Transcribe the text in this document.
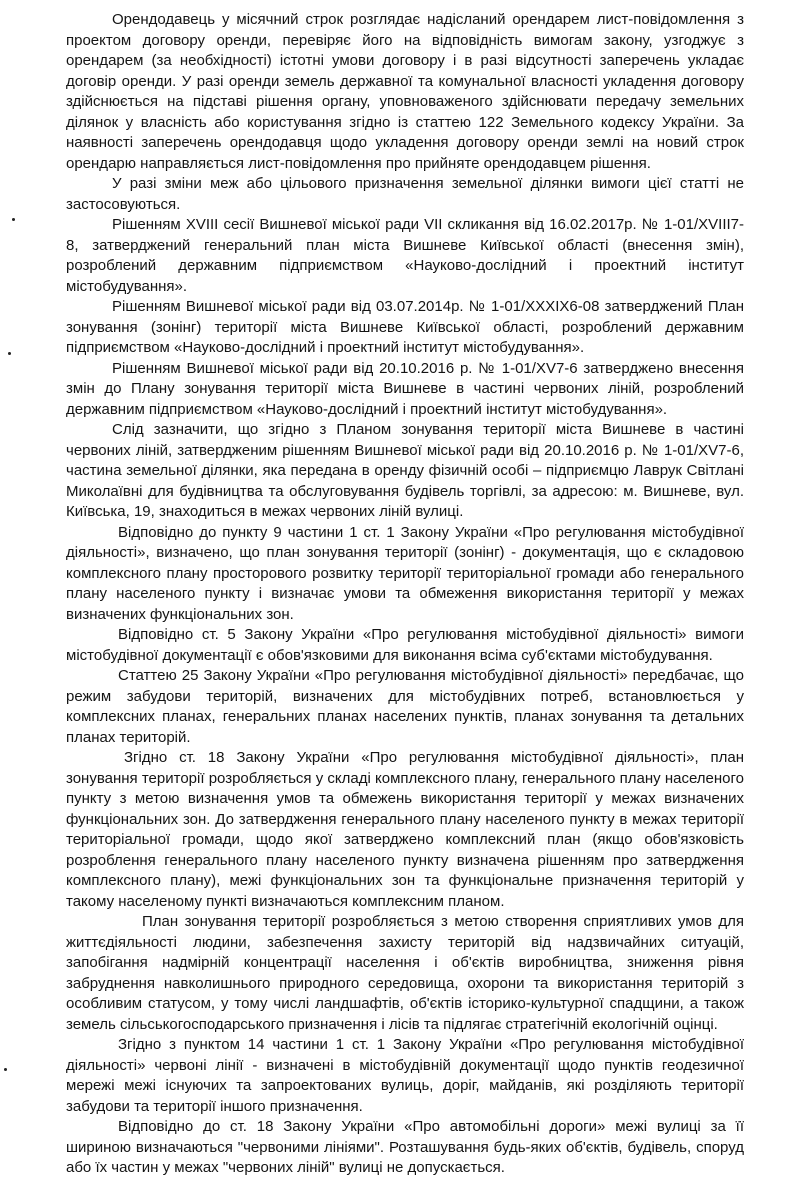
Орендодавець у місячний строк розглядає надісланий орендарем лист-повідомлення з проектом договору оренди, перевіряє його на відповідність вимогам закону, узгоджує з орендарем (за необхідності) істотні умови договору і в разі відсутності заперечень укладає договір оренди. У разі оренди земель державної та комунальної власності укладення договору здійснюється на підставі рішення органу, уповноваженого здійснювати передачу земельних ділянок у власність або користування згідно із статтею 122 Земельного кодексу України. За наявності заперечень орендодавця щодо укладення договору оренди землі на новий строк орендарю направляється лист-повідомлення про прийняте орендодавцем рішення.

У разі зміни меж або цільового призначення земельної ділянки вимоги цієї статті не застосовуються.

Рішенням XVIII сесії Вишневої міської ради VII скликання від 16.02.2017р. № 1-01/XVIII7-8, затверджений генеральний план міста Вишневе Київської області (внесення змін), розроблений державним підприємством «Науково-дослідний і проектний інститут містобудування».

Рішенням Вишневої міської ради від 03.07.2014р. № 1-01/XXXIX6-08 затверджений План зонування (зонінг) території міста Вишневе Київської області, розроблений державним підприємством «Науково-дослідний і проектний інститут містобудування».

Рішенням Вишневої міської ради від 20.10.2016 р. № 1-01/XV7-6 затверджено внесення змін до Плану зонування території міста Вишневе в частині червоних ліній, розроблений державним підприємством «Науково-дослідний і проектний інститут містобудування».

Слід зазначити, що згідно з Планом зонування території міста Вишневе в частині червоних ліній, затвердженим рішенням Вишневої міської ради від 20.10.2016 р. № 1-01/XV7-6, частина земельної ділянки, яка передана в оренду фізичній особі – підприємцю Лаврук Світлані Миколаївні для будівництва та обслуговування будівель торгівлі, за адресою: м. Вишневе, вул. Київська, 19, знаходиться в межах червоних ліній вулиці.

Відповідно до пункту 9 частини 1 ст. 1 Закону України «Про регулювання містобудівної діяльності», визначено, що план зонування території (зонінг) - документація, що є складовою комплексного плану просторового розвитку території територіальної громади або генерального плану населеного пункту і визначає умови та обмеження використання території у межах визначених функціональних зон.

Відповідно ст. 5 Закону України «Про регулювання містобудівної діяльності» вимоги містобудівної документації є обов'язковими для виконання всіма суб'єктами містобудування.

Статтею 25 Закону України «Про регулювання містобудівної діяльності» передбачає, що режим забудови територій, визначених для містобудівних потреб, встановлюється у комплексних планах, генеральних планах населених пунктів, планах зонування та детальних планах територій.

Згідно ст. 18 Закону України «Про регулювання містобудівної діяльності», план зонування території розробляється у складі комплексного плану, генерального плану населеного пункту з метою визначення умов та обмежень використання території у межах визначених функціональних зон. До затвердження генерального плану населеного пункту в межах території територіальної громади, щодо якої затверджено комплексний план (якщо обов'язковість розроблення генерального плану населеного пункту визначена рішенням про затвердження комплексного плану), межі функціональних зон та функціональне призначення територій у такому населеному пункті визначаються комплексним планом.

План зонування території розробляється з метою створення сприятливих умов для життєдіяльності людини, забезпечення захисту територій від надзвичайних ситуацій, запобігання надмірній концентрації населення і об'єктів виробництва, зниження рівня забруднення навколишнього природного середовища, охорони та використання територій з особливим статусом, у тому числі ландшафтів, об'єктів історико-культурної спадщини, а також земель сільськогосподарського призначення і лісів та підлягає стратегічній екологічній оцінці.

Згідно з пунктом 14 частини 1 ст. 1 Закону України «Про регулювання містобудівної діяльності» червоні лінії - визначені в містобудівній документації щодо пунктів геодезичної мережі межі існуючих та запроектованих вулиць, доріг, майданів, які розділяють території забудови та території іншого призначення.

Відповідно до ст. 18 Закону України «Про автомобільні дороги» межі вулиці за її шириною визначаються "червоними лініями". Розташування будь-яких об'єктів, будівель, споруд або їх частин у межах "червоних ліній" вулиці не допускається.
